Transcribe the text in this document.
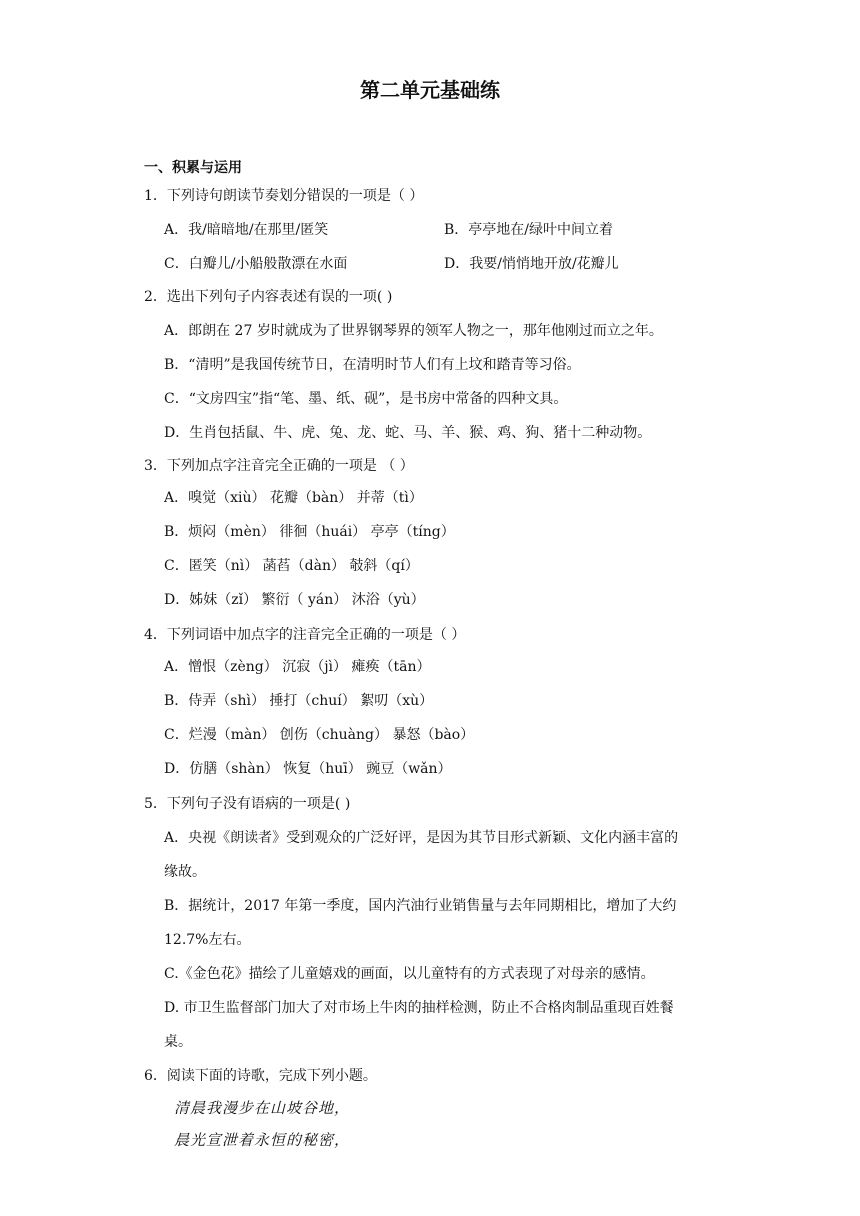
第二单元基础练
一、积累与运用
1．下列诗句朗读节奏划分错误的一项是（ ）
A．我/暗暗地/在那里/匿笑	B．亭亭地在/绿叶中间立着
C．白瓣儿/小船般散漂在水面	D．我要/悄悄地开放/花瓣儿
2．选出下列句子内容表述有误的一项( )
A．郎朗在 27 岁时就成为了世界钢琴界的领军人物之一，那年他刚过而立之年。
B．“清明”是我国传统节日，在清明时节人们有上坟和踏青等习俗。
C．“文房四宝”指“笔、墨、纸、砚”，是书房中常备的四种文具。
D．生肖包括鼠、牛、虎、兔、龙、蛇、马、羊、猴、鸡、狗、猪十二种动物。
3．下列加点字注音完全正确的一项是 （ ）
A．嗅觉（xiù） 花瓣（bàn） 并蒂（tì）
B．烦闷（mèn） 徘徊（huái） 亭亭（tíng）
C．匿笑（nì） 菡萏（dàn） 攲斜（qí）
D．姊妹（zǐ） 繁衍（ yán） 沐浴（yù）
4．下列词语中加点字的注音完全正确的一项是（ ）
A．憎恨（zèng） 沉寂（jì） 瘫痪（tān）
B．侍弄（shì） 捶打（chuí） 絮叨（xù）
C．烂漫（màn） 创伤（chuàng） 暴怒（bào）
D．仿膳（shàn） 恢复（huī） 豌豆（wǎn）
5．下列句子没有语病的一项是( )
A．央视《朗读者》受到观众的广泛好评，是因为其节目形式新颖、文化内涵丰富的
缘故。
B．据统计，2017 年第一季度，国内汽油行业销售量与去年同期相比，增加了大约
12.7%左右。
C.《金色花》描绘了儿童嬉戏的画面，以儿童特有的方式表现了对母亲的感情。
D. 市卫生监督部门加大了对市场上牛肉的抽样检测，防止不合格肉制品重现百姓餐
桌。
6．阅读下面的诗歌，完成下列小题。
清晨我漫步在山坡谷地，
晨光宣泄着永恒的秘密，
